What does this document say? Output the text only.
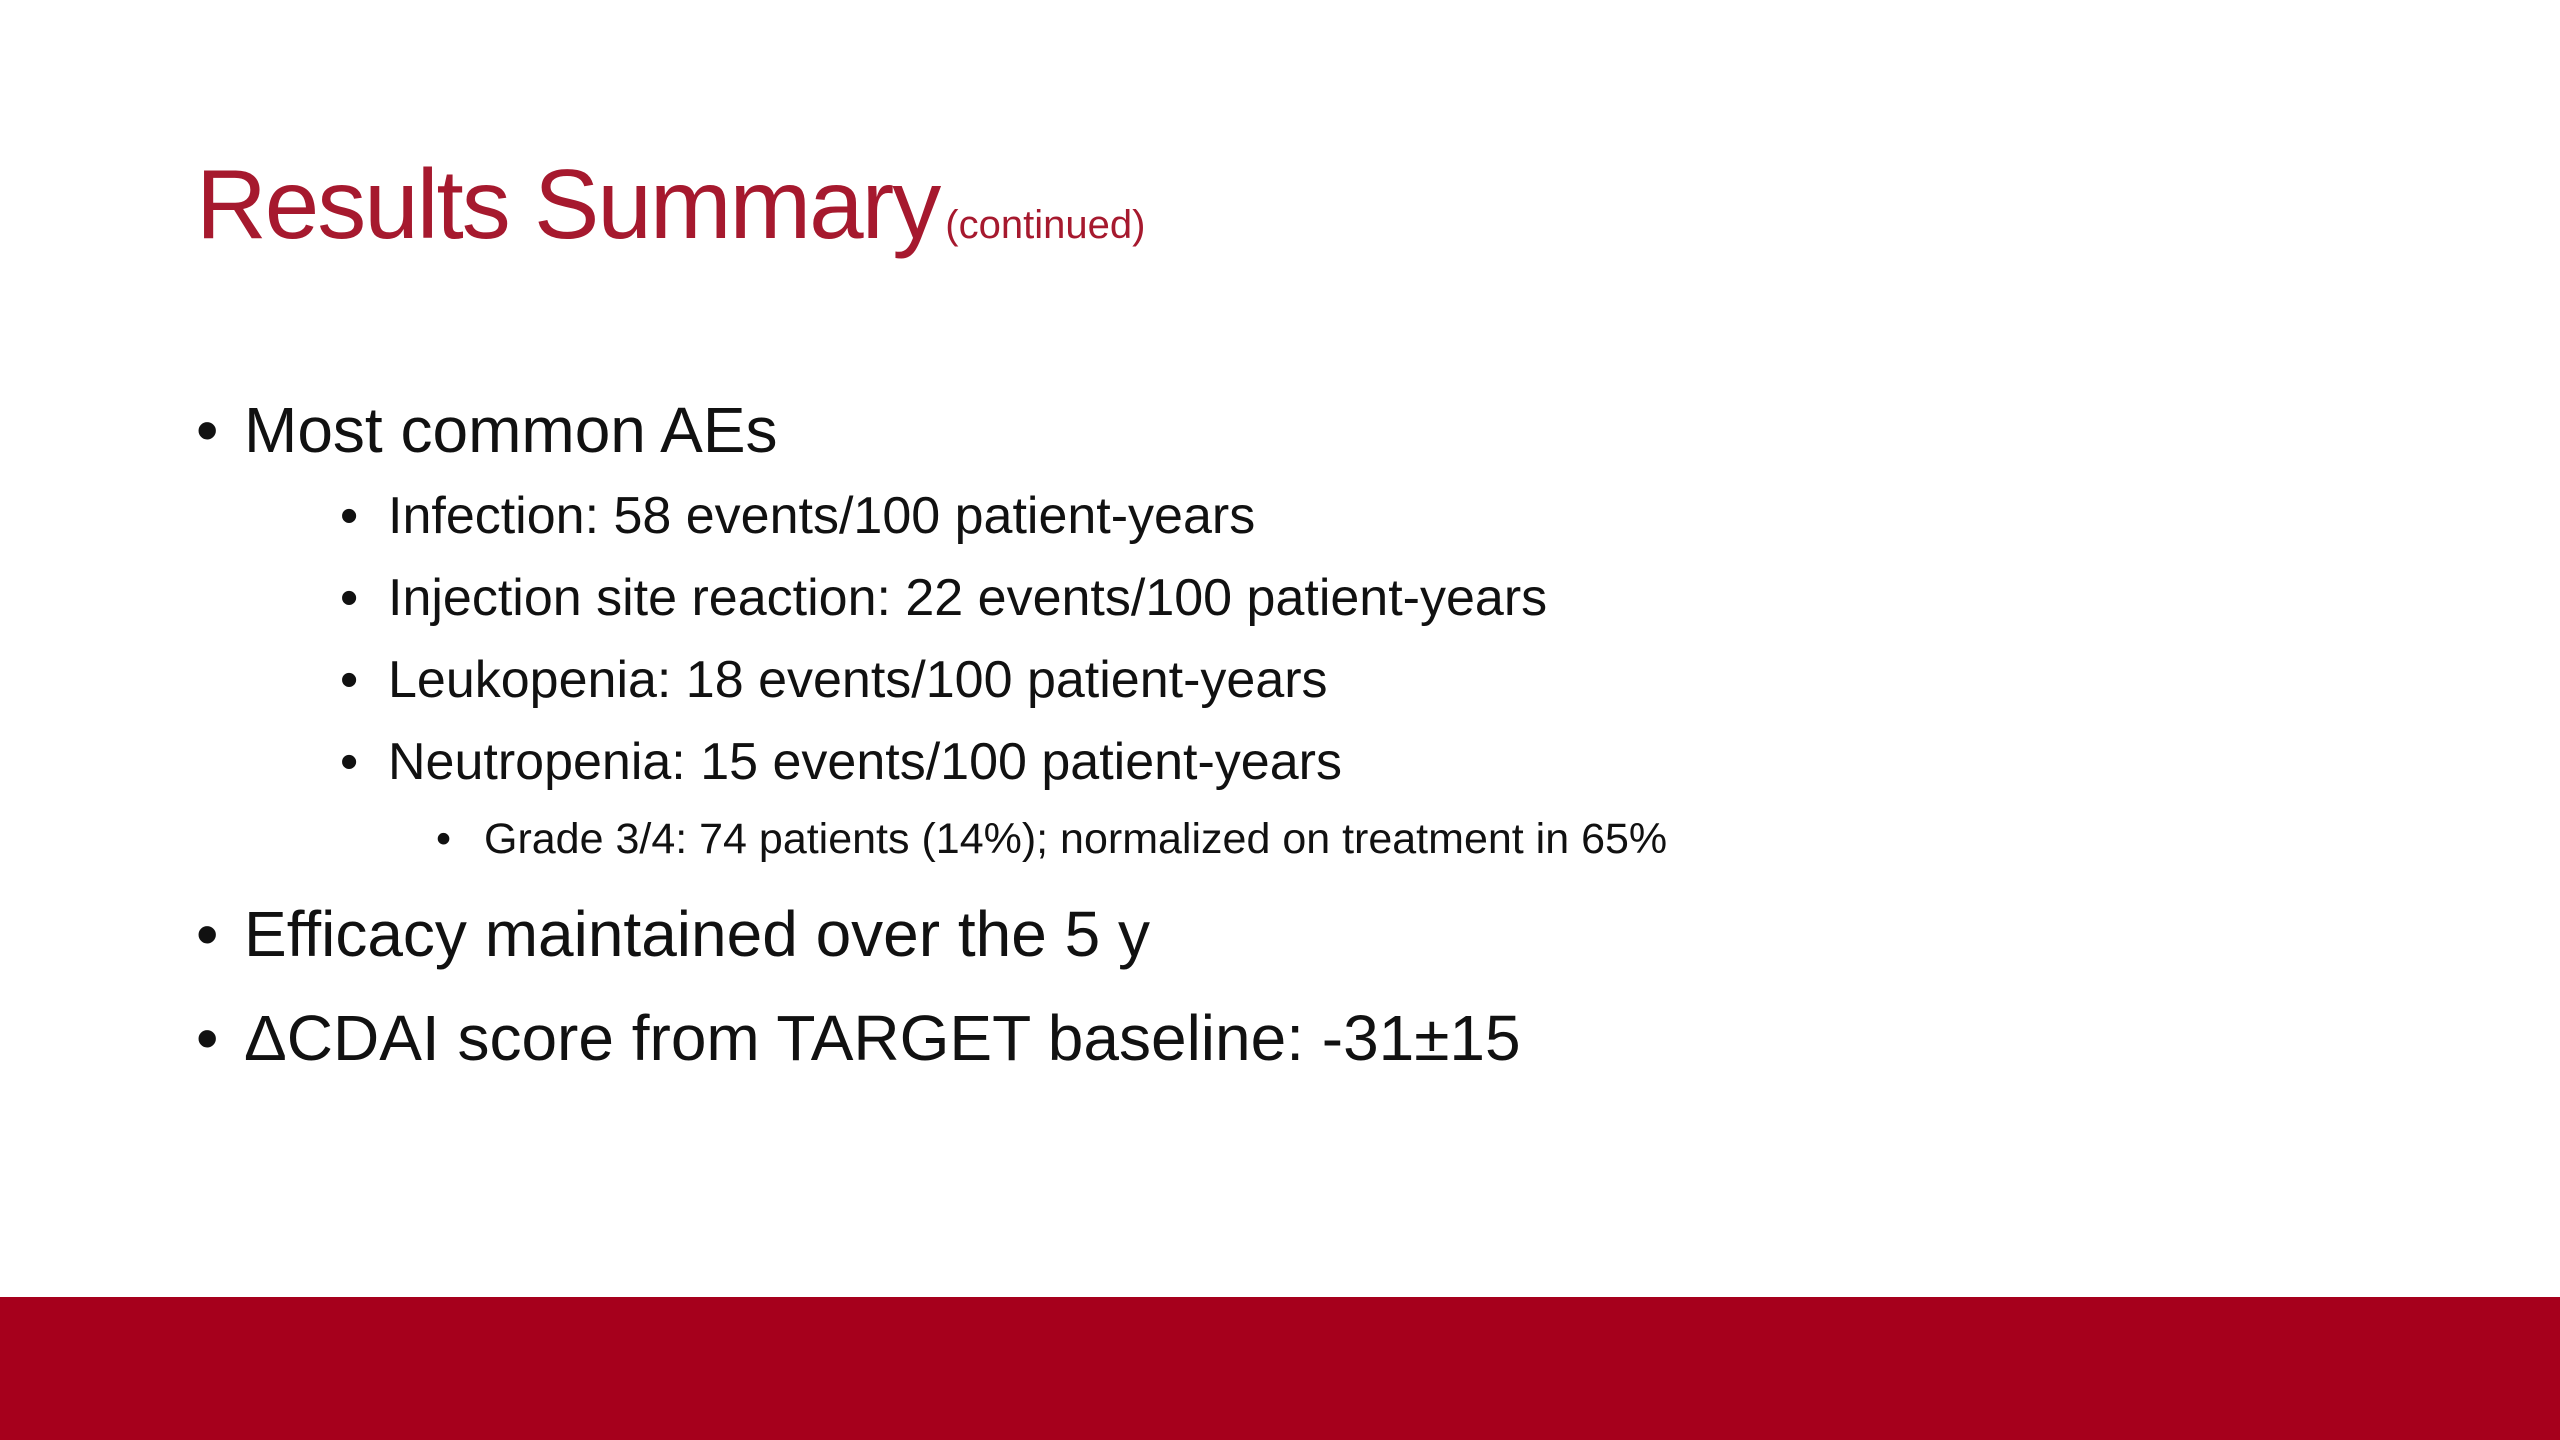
Results Summary (continued)
• Most common AEs
• Infection: 58 events/100 patient-years
• Injection site reaction: 22 events/100 patient-years
• Leukopenia: 18 events/100 patient-years
• Neutropenia: 15 events/100 patient-years
• Grade 3/4: 74 patients (14%); normalized on treatment in 65%
• Efficacy maintained over the 5 y
• ΔCDAI score from TARGET baseline: -31±15
